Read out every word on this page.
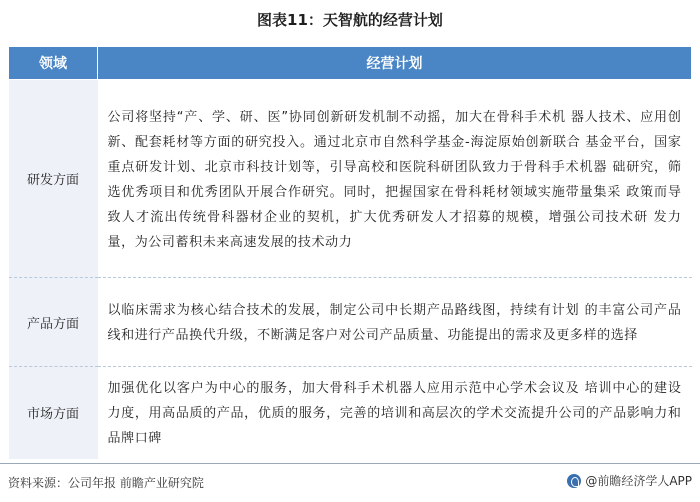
图表11：天智航的经营计划
领域	经营计划
研发方面	公司将坚持“产、学、研、医”协同创新研发机制不动摇，加大在骨科手术机 器人技术、应用创新、配套耗材等方面的研究投入。通过北京市自然科学基金-海淀原始创新联合 基金平台，国家重点研发计划、北京市科技计划等，引导高校和医院科研团队致力于骨科手术机器 础研究，筛选优秀项目和优秀团队开展合作研究。同时，把握国家在骨科耗材领域实施带量集采 政策而导致人才流出传统骨科器材企业的契机，扩大优秀研发人才招募的规模，增强公司技术研 发力量，为公司蓄积未来高速发展的技术动力
产品方面	以临床需求为核心结合技术的发展，制定公司中长期产品路线图，持续有计划 的丰富公司产品线和进行产品换代升级，不断满足客户对公司产品质量、功能提出的需求及更多样的选择
市场方面	加强优化以客户为中心的服务，加大骨科手术机器人应用示范中心学术会议及 培训中心的建设力度，用高品质的产品，优质的服务，完善的培训和高层次的学术交流提升公司的产品影响力和品牌口碑
资料来源：公司年报 前瞻产业研究院	@前瞻经济学人APP
